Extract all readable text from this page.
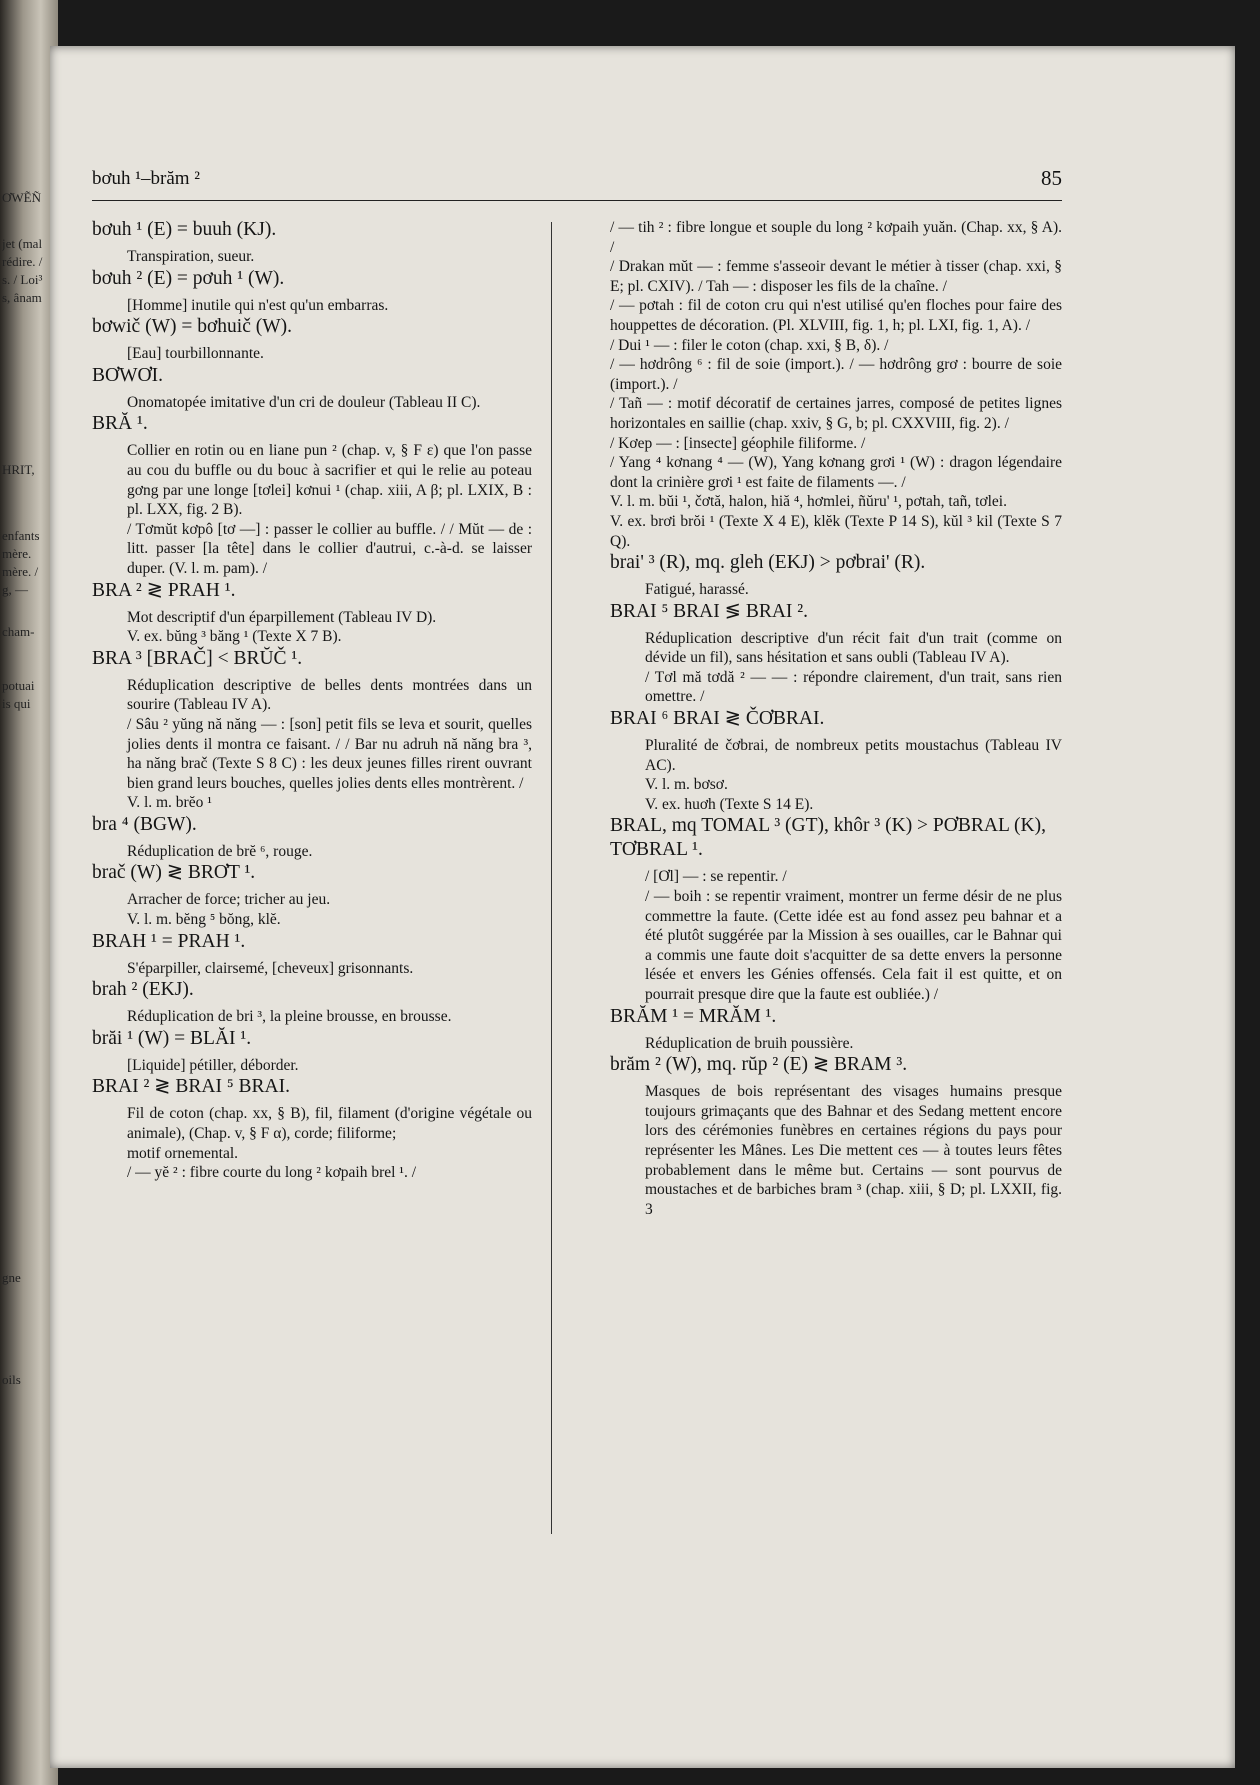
ƠWẼÑ
jet (mal
rédire. /
s. / Loi³
s, ânam
HRIT,
enfants
mère.
mère. /
g, —
cham-
potuai
is qui
gne
oils
bơuh ¹–brăm ²	85
bơuh ¹ (E) = buuh (KJ).
Transpiration, sueur.
bơuh ² (E) = pơuh ¹ (W).
[Homme] inutile qui n'est qu'un embarras.
bơwič (W) = bơhuič (W).
[Eau] tourbillonnante.
BƠWƠI.
Onomatopée imitative d'un cri de douleur (Tableau II C).
BRĂ ¹.
Collier en rotin ou en liane pun ² (chap. v, § F ε) que l'on passe au cou du buffle ou du bouc à sacrifier et qui le relie au poteau gơng par une longe [tơlei] kơnui ¹ (chap. xiii, A β; pl. LXIX, B : pl. LXX, fig. 2 B).
/ Tơmŭt kơpô [tơ —] : passer le collier au buffle. / / Mŭt — de : litt. passer [la tête] dans le collier d'autrui, c.-à-d. se laisser duper. (V. l. m. pam). /
BRA ² ≷ PRAH ¹.
Mot descriptif d'un éparpillement (Tableau IV D).
V. ex. bŭng ³ băng ¹ (Texte X 7 B).
BRA ³ [BRAČ] < BRŬČ ¹.
Réduplication descriptive de belles dents montrées dans un sourire (Tableau IV A).
/ Sâu ² yŭng nă năng — : [son] petit fils se leva et sourit, quelles jolies dents il montra ce faisant. / / Bar nu adruh nă năng bra ³, ha năng brač (Texte S 8 C) : les deux jeunes filles rirent ouvrant bien grand leurs bouches, quelles jolies dents elles montrèrent. /
V. l. m. brĕo ¹
bra ⁴ (BGW).
Réduplication de brĕ ⁶, rouge.
brač (W) ≷ BRƠT ¹.
Arracher de force; tricher au jeu.
V. l. m. bĕng ⁵ bŏng, klĕ.
BRAH ¹ = PRAH ¹.
S'éparpiller, clairsemé, [cheveux] grisonnants.
brah ² (EKJ).
Réduplication de bri ³, la pleine brousse, en brousse.
brăi ¹ (W) = BLĂI ¹.
[Liquide] pétiller, déborder.
BRAI ² ≷ BRAI ⁵ BRAI.
Fil de coton (chap. xx, § B), fil, filament (d'origine végétale ou animale), (Chap. v, § F α), corde; filiforme;
motif ornemental.
/ — yĕ ² : fibre courte du long ² kơpaih brel ¹. /
/ — tih ² : fibre longue et souple du long ² kơpaih yuăn. (Chap. xx, § A). /
/ Drakan mŭt — : femme s'asseoir devant le métier à tisser (chap. xxi, § E; pl. CXIV). / Tah — : disposer les fils de la chaîne. /
/ — pơtah : fil de coton cru qui n'est utilisé qu'en floches pour faire des houppettes de décoration. (Pl. XLVIII, fig. 1, h; pl. LXI, fig. 1, A). /
/ Dui ¹ — : filer le coton (chap. xxi, § B, δ). /
/ — hơdrông ⁶ : fil de soie (import.). / — hơdrông grơ : bourre de soie (import.). /
/ Tañ — : motif décoratif de certaines jarres, composé de petites lignes horizontales en saillie (chap. xxiv, § G, b; pl. CXXVIII, fig. 2). /
/ Kơep — : [insecte] géophile filiforme. /
/ Yang ⁴ kơnang ⁴ — (W), Yang kơnang grơi ¹ (W) : dragon légendaire dont la crinière grơi ¹ est faite de filaments —. /
V. l. m. bŭi ¹, čơtă, halon, hiă ⁴, hơmlei, ñŭru' ¹, pơtah, tañ, tơlei.
V. ex. brơi brŏi ¹ (Texte X 4 E), klĕk (Texte P 14 S), kŭl ³ kil (Texte S 7 Q).
brai' ³ (R), mq. gleh (EKJ) > pơbrai' (R).
Fatigué, harassé.
BRAI ⁵ BRAI ≶ BRAI ².
Réduplication descriptive d'un récit fait d'un trait (comme on dévide un fil), sans hésitation et sans oubli (Tableau IV A).
/ Tơl mă tơdă ² — — : répondre clairement, d'un trait, sans rien omettre. /
BRAI ⁶ BRAI ≷ ČƠBRAI.
Pluralité de čơbrai, de nombreux petits moustachus (Tableau IV AC).
V. l. m. bơsơ.
V. ex. huơh (Texte S 14 E).
BRAL, mq TOMAL ³ (GT), khôr ³ (K) > PƠBRAL (K), TƠBRAL ¹.
/ [Ơl] — : se repentir. /
/ — boih : se repentir vraiment, montrer un ferme désir de ne plus commettre la faute. (Cette idée est au fond assez peu bahnar et a été plutôt suggérée par la Mission à ses ouailles, car le Bahnar qui a commis une faute doit s'acquitter de sa dette envers la personne lésée et envers les Génies offensés. Cela fait il est quitte, et on pourrait presque dire que la faute est oubliée.) /
BRĂM ¹ = MRĂM ¹.
Réduplication de bruih poussière.
brăm ² (W), mq. rŭp ² (E) ≷ BRAM ³.
Masques de bois représentant des visages humains presque toujours grimaçants que des Bahnar et des Sedang mettent encore lors des cérémonies funèbres en certaines régions du pays pour représenter les Mânes. Les Die mettent ces — à toutes leurs fêtes probablement dans le même but. Certains — sont pourvus de moustaches et de barbiches bram ³ (chap. xiii, § D; pl. LXXII, fig. 3
